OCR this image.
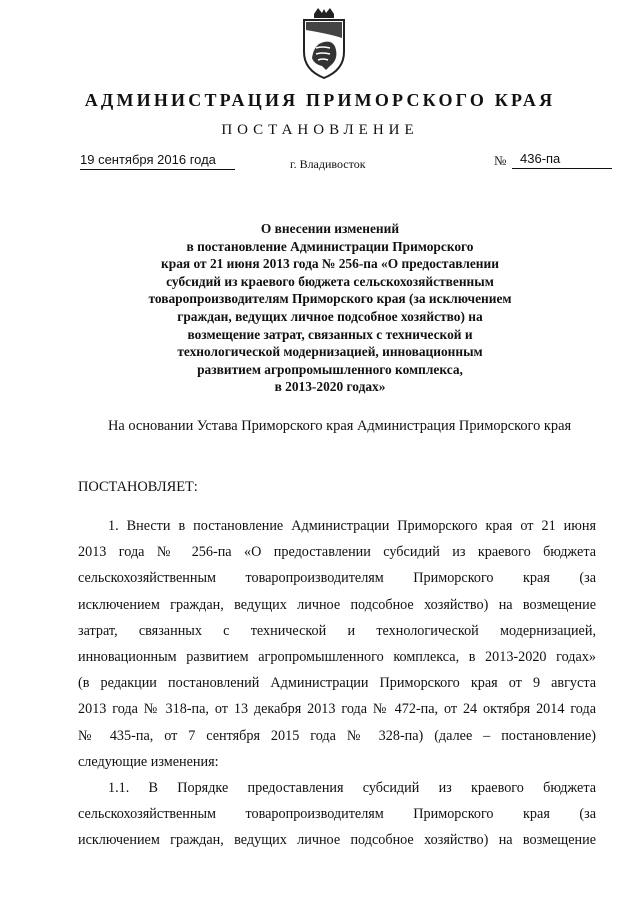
АДМИНИСТРАЦИЯ ПРИМОРСКОГО КРАЯ
ПОСТАНОВЛЕНИЕ
19 сентября 2016 года	г. Владивосток	№	436-па
О внесении изменений
в постановление Администрации Приморского
края от 21 июня 2013 года № 256-па «О предоставлении
субсидий из краевого бюджета сельскохозяйственным
товаропроизводителям Приморского края (за исключением
граждан, ведущих личное подсобное хозяйство) на
возмещение затрат, связанных с технической и
технологической модернизацией, инновационным
развитием агропромышленного комплекса,
в 2013-2020 годах»
На основании Устава Приморского края Администрация Приморского края
ПОСТАНОВЛЯЕТ:
1. Внести в постановление Администрации Приморского края от 21 июня
2013 года № 256-па «О предоставлении субсидий из краевого бюджета
сельскохозяйственным товаропроизводителям Приморского края (за
исключением граждан, ведущих личное подсобное хозяйство) на возмещение
затрат, связанных с технической и технологической модернизацией,
инновационным развитием агропромышленного комплекса, в 2013-2020 годах»
(в редакции постановлений Администрации Приморского края от 9 августа
2013 года № 318-па, от 13 декабря 2013 года № 472-па, от 24 октября 2014 года
№ 435-па, от 7 сентября 2015 года № 328-па) (далее – постановление)
следующие изменения:
1.1. В Порядке предоставления субсидий из краевого бюджета
сельскохозяйственным товаропроизводителям Приморского края (за
исключением граждан, ведущих личное подсобное хозяйство) на возмещение
